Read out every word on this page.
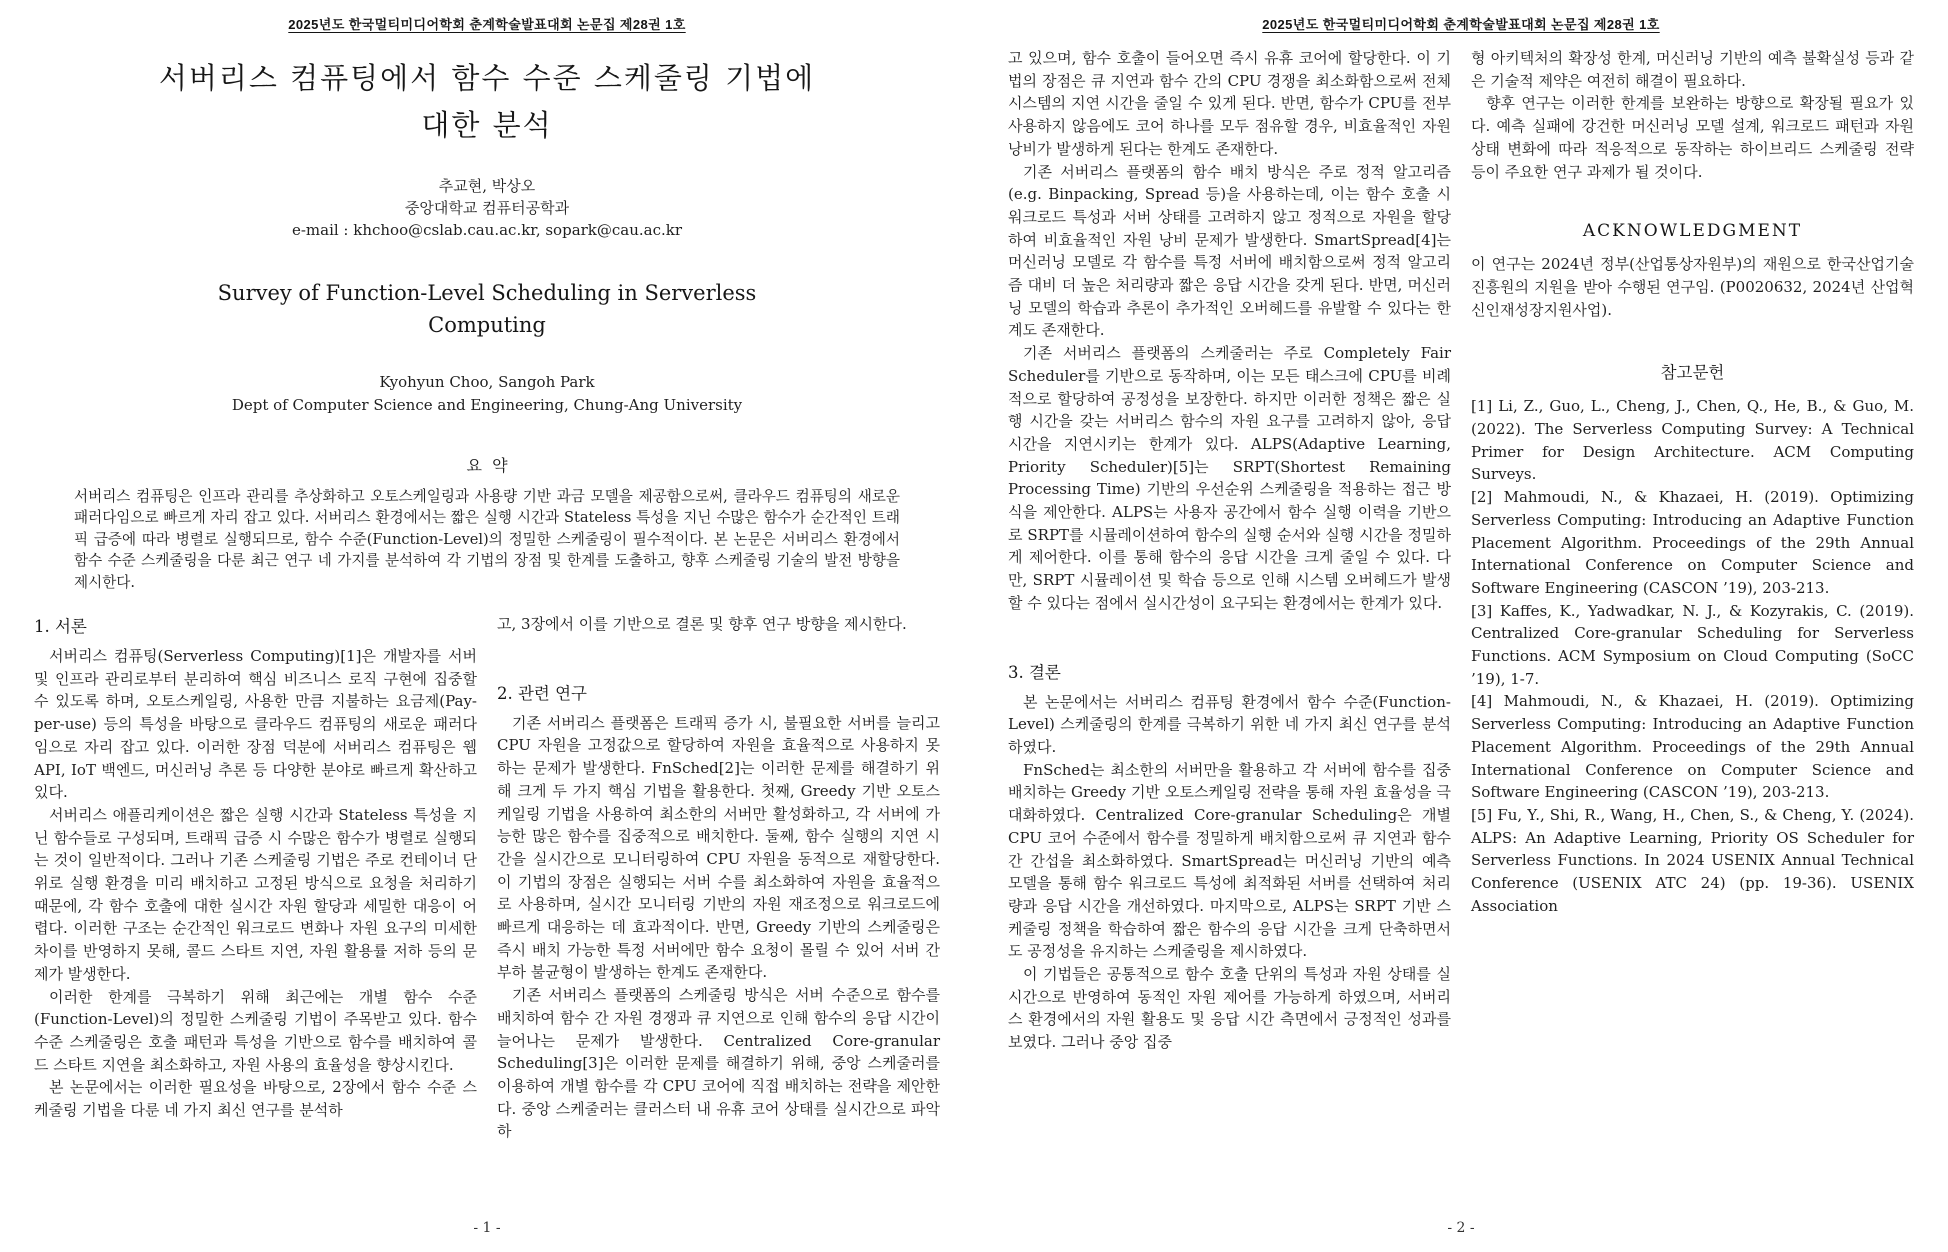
2025년도 한국멀티미디어학회 춘계학술발표대회 논문집 제28권 1호
서버리스 컴퓨팅에서 함수 수준 스케줄링 기법에
대한 분석
추교현, 박상오
중앙대학교 컴퓨터공학과
e-mail : khchoo@cslab.cau.ac.kr, sopark@cau.ac.kr
Survey of Function-Level Scheduling in Serverless
Computing
Kyohyun Choo, Sangoh Park
Dept of Computer Science and Engineering, Chung-Ang University
요  약
서버리스 컴퓨팅은 인프라 관리를 추상화하고 오토스케일링과 사용량 기반 과금 모델을 제공함으로써, 클라우드 컴퓨팅의 새로운 패러다임으로 빠르게 자리 잡고 있다. 서버리스 환경에서는 짧은 실행 시간과 Stateless 특성을 지닌 수많은 함수가 순간적인 트래픽 급증에 따라 병렬로 실행되므로, 함수 수준(Function-Level)의 정밀한 스케줄링이 필수적이다. 본 논문은 서버리스 환경에서 함수 수준 스케줄링을 다룬 최근 연구 네 가지를 분석하여 각 기법의 장점 및 한계를 도출하고, 향후 스케줄링 기술의 발전 방향을 제시한다.
1. 서론

서버리스 컴퓨팅(Serverless Computing)[1]은 개발자를 서버 및 인프라 관리로부터 분리하여 핵심 비즈니스 로직 구현에 집중할 수 있도록 하며, 오토스케일링, 사용한 만큼 지불하는 요금제(Pay-per-use) 등의 특성을 바탕으로 클라우드 컴퓨팅의 새로운 패러다임으로 자리 잡고 있다. 이러한 장점 덕분에 서버리스 컴퓨팅은 웹 API, IoT 백엔드, 머신러닝 추론 등 다양한 분야로 빠르게 확산하고 있다.

서버리스 애플리케이션은 짧은 실행 시간과 Stateless 특성을 지닌 함수들로 구성되며, 트래픽 급증 시 수많은 함수가 병렬로 실행되는 것이 일반적이다. 그러나 기존 스케줄링 기법은 주로 컨테이너 단위로 실행 환경을 미리 배치하고 고정된 방식으로 요청을 처리하기 때문에, 각 함수 호출에 대한 실시간 자원 할당과 세밀한 대응이 어렵다. 이러한 구조는 순간적인 워크로드 변화나 자원 요구의 미세한 차이를 반영하지 못해, 콜드 스타트 지연, 자원 활용률 저하 등의 문제가 발생한다.

이러한 한계를 극복하기 위해 최근에는 개별 함수 수준(Function-Level)의 정밀한 스케줄링 기법이 주목받고 있다. 함수 수준 스케줄링은 호출 패턴과 특성을 기반으로 함수를 배치하여 콜드 스타트 지연을 최소화하고, 자원 사용의 효율성을 향상시킨다.

본 논문에서는 이러한 필요성을 바탕으로, 2장에서 함수 수준 스케줄링 기법을 다룬 네 가지 최신 연구를 분석하

고, 3장에서 이를 기반으로 결론 및 향후 연구 방향을 제시한다.

2. 관련 연구

기존 서버리스 플랫폼은 트래픽 증가 시, 불필요한 서버를 늘리고 CPU 자원을 고정값으로 할당하여 자원을 효율적으로 사용하지 못하는 문제가 발생한다. FnSched[2]는 이러한 문제를 해결하기 위해 크게 두 가지 핵심 기법을 활용한다. 첫째, Greedy 기반 오토스케일링 기법을 사용하여 최소한의 서버만 활성화하고, 각 서버에 가능한 많은 함수를 집중적으로 배치한다. 둘째, 함수 실행의 지연 시간을 실시간으로 모니터링하여 CPU 자원을 동적으로 재할당한다. 이 기법의 장점은 실행되는 서버 수를 최소화하여 자원을 효율적으로 사용하며, 실시간 모니터링 기반의 자원 재조정으로 워크로드에 빠르게 대응하는 데 효과적이다. 반면, Greedy 기반의 스케줄링은 즉시 배치 가능한 특정 서버에만 함수 요청이 몰릴 수 있어 서버 간 부하 불균형이 발생하는 한계도 존재한다.

기존 서버리스 플랫폼의 스케줄링 방식은 서버 수준으로 함수를 배치하여 함수 간 자원 경쟁과 큐 지연으로 인해 함수의 응답 시간이 늘어나는 문제가 발생한다. Centralized Core-granular Scheduling[3]은 이러한 문제를 해결하기 위해, 중앙 스케줄러를 이용하여 개별 함수를 각 CPU 코어에 직접 배치하는 전략을 제안한다. 중앙 스케줄러는 클러스터 내 유휴 코어 상태를 실시간으로 파악하

- 1 -
2025년도 한국멀티미디어학회 춘계학술발표대회 논문집 제28권 1호

고 있으며, 함수 호출이 들어오면 즉시 유휴 코어에 할당한다. 이 기법의 장점은 큐 지연과 함수 간의 CPU 경쟁을 최소화함으로써 전체 시스템의 지연 시간을 줄일 수 있게 된다. 반면, 함수가 CPU를 전부 사용하지 않음에도 코어 하나를 모두 점유할 경우, 비효율적인 자원 낭비가 발생하게 된다는 한계도 존재한다.

기존 서버리스 플랫폼의 함수 배치 방식은 주로 정적 알고리즘(e.g. Binpacking, Spread 등)을 사용하는데, 이는 함수 호출 시 워크로드 특성과 서버 상태를 고려하지 않고 정적으로 자원을 할당하여 비효율적인 자원 낭비 문제가 발생한다. SmartSpread[4]는 머신러닝 모델로 각 함수를 특정 서버에 배치함으로써 정적 알고리즘 대비 더 높은 처리량과 짧은 응답 시간을 갖게 된다. 반면, 머신러닝 모델의 학습과 추론이 추가적인 오버헤드를 유발할 수 있다는 한계도 존재한다.

기존 서버리스 플랫폼의 스케줄러는 주로 Completely Fair Scheduler를 기반으로 동작하며, 이는 모든 태스크에 CPU를 비례적으로 할당하여 공정성을 보장한다. 하지만 이러한 정책은 짧은 실행 시간을 갖는 서버리스 함수의 자원 요구를 고려하지 않아, 응답 시간을 지연시키는 한계가 있다. ALPS(Adaptive Learning, Priority Scheduler)[5]는 SRPT(Shortest Remaining Processing Time) 기반의 우선순위 스케줄링을 적용하는 접근 방식을 제안한다. ALPS는 사용자 공간에서 함수 실행 이력을 기반으로 SRPT를 시뮬레이션하여 함수의 실행 순서와 실행 시간을 정밀하게 제어한다. 이를 통해 함수의 응답 시간을 크게 줄일 수 있다. 다만, SRPT 시뮬레이션 및 학습 등으로 인해 시스템 오버헤드가 발생할 수 있다는 점에서 실시간성이 요구되는 환경에서는 한계가 있다.

3. 결론

본 논문에서는 서버리스 컴퓨팅 환경에서 함수 수준(Function-Level) 스케줄링의 한계를 극복하기 위한 네 가지 최신 연구를 분석하였다.

FnSched는 최소한의 서버만을 활용하고 각 서버에 함수를 집중 배치하는 Greedy 기반 오토스케일링 전략을 통해 자원 효율성을 극대화하였다. Centralized Core-granular Scheduling은 개별 CPU 코어 수준에서 함수를 정밀하게 배치함으로써 큐 지연과 함수 간 간섭을 최소화하였다. SmartSpread는 머신러닝 기반의 예측 모델을 통해 함수 워크로드 특성에 최적화된 서버를 선택하여 처리량과 응답 시간을 개선하였다. 마지막으로, ALPS는 SRPT 기반 스케줄링 정책을 학습하여 짧은 함수의 응답 시간을 크게 단축하면서도 공정성을 유지하는 스케줄링을 제시하였다.

이 기법들은 공통적으로 함수 호출 단위의 특성과 자원 상태를 실시간으로 반영하여 동적인 자원 제어를 가능하게 하였으며, 서버리스 환경에서의 자원 활용도 및 응답 시간 측면에서 긍정적인 성과를 보였다. 그러나 중앙 집중

형 아키텍처의 확장성 한계, 머신러닝 기반의 예측 불확실성 등과 같은 기술적 제약은 여전히 해결이 필요하다.

향후 연구는 이러한 한계를 보완하는 방향으로 확장될 필요가 있다. 예측 실패에 강건한 머신러닝 모델 설계, 워크로드 패턴과 자원 상태 변화에 따라 적응적으로 동작하는 하이브리드 스케줄링 전략 등이 주요한 연구 과제가 될 것이다.

ACKNOWLEDGMENT

이 연구는 2024년 정부(산업통상자원부)의 재원으로 한국산업기술진흥원의 지원을 받아 수행된 연구임. (P0020632, 2024년 산업혁신인재성장지원사업).

참고문헌

[1] Li, Z., Guo, L., Cheng, J., Chen, Q., He, B., & Guo, M. (2022). The Serverless Computing Survey: A Technical Primer for Design Architecture. ACM Computing Surveys.

[2] Mahmoudi, N., & Khazaei, H. (2019). Optimizing Serverless Computing: Introducing an Adaptive Function Placement Algorithm. Proceedings of the 29th Annual International Conference on Computer Science and Software Engineering (CASCON ’19), 203-213.

[3] Kaffes, K., Yadwadkar, N. J., & Kozyrakis, C. (2019). Centralized Core-granular Scheduling for Serverless Functions. ACM Symposium on Cloud Computing (SoCC ’19), 1-7.

[4] Mahmoudi, N., & Khazaei, H. (2019). Optimizing Serverless Computing: Introducing an Adaptive Function Placement Algorithm. Proceedings of the 29th Annual International Conference on Computer Science and Software Engineering (CASCON ’19), 203-213.

[5] Fu, Y., Shi, R., Wang, H., Chen, S., & Cheng, Y. (2024). ALPS: An Adaptive Learning, Priority OS Scheduler for Serverless Functions. In 2024 USENIX Annual Technical Conference (USENIX ATC 24) (pp. 19-36). USENIX Association

- 2 -
